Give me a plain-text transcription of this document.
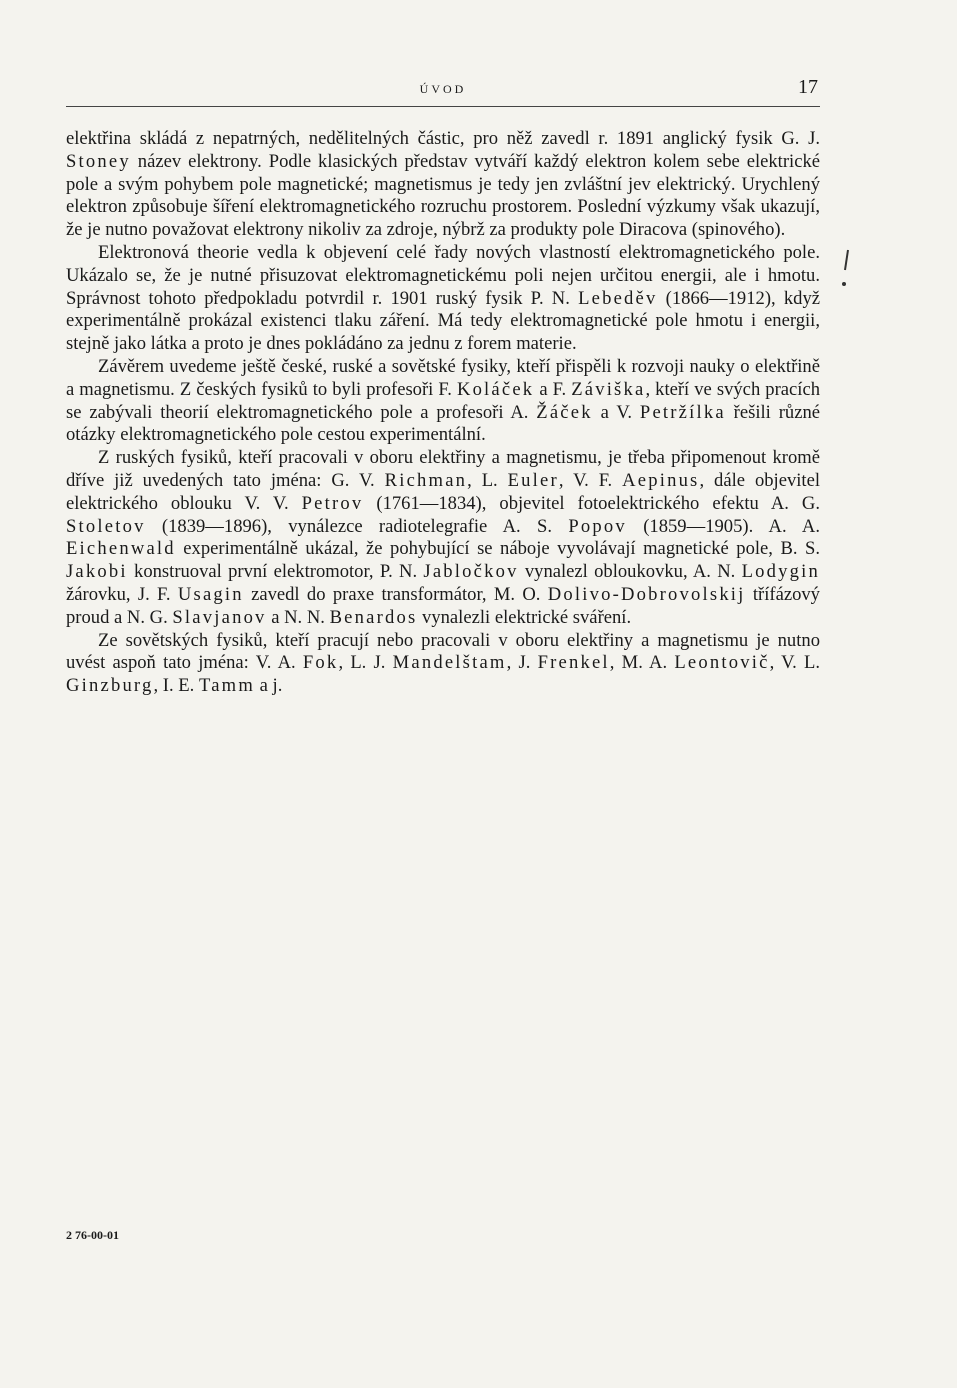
ÚVOD	17

elektřina skládá z nepatrných, nedělitelných částic, pro něž zavedl r. 1891 anglický fysik G. J. Stoney název elektrony. Podle klasických představ vytváří každý elektron kolem sebe elektrické pole a svým pohybem pole magnetické; magnetismus je tedy jen zvláštní jev elektrický. Urychlený elektron způsobuje šíření elektromagnetického rozruchu prostorem. Poslední výzkumy však ukazují, že je nutno považovat elektrony nikoliv za zdroje, nýbrž za produkty pole Diracova (spinového).

Elektronová theorie vedla k objevení celé řady nových vlastností elektromagnetického pole. Ukázalo se, že je nutné přisuzovat elektromagnetickému poli nejen určitou energii, ale i hmotu. Správnost tohoto předpokladu potvrdil r. 1901 ruský fysik P. N. Lebeděv (1866—1912), když experimentálně prokázal existenci tlaku záření. Má tedy elektromagnetické pole hmotu i energii, stejně jako látka a proto je dnes pokládáno za jednu z forem materie.

Závěrem uvedeme ještě české, ruské a sovětské fysiky, kteří přispěli k rozvoji nauky o elektřině a magnetismu. Z českých fysiků to byli profesoři F. Koláček a F. Záviška, kteří ve svých pracích se zabývali theorií elektromagnetického pole a profesoři A. Žáček a V. Petržílka řešili různé otázky elektromagnetického pole cestou experimentální.

Z ruských fysiků, kteří pracovali v oboru elektřiny a magnetismu, je třeba připomenout kromě dříve již uvedených tato jména: G. V. Richman, L. Euler, V. F. Aepinus, dále objevitel elektrického oblouku V. V. Petrov (1761—1834), objevitel fotoelektrického efektu A. G. Stoletov (1839—1896), vynálezce radiotelegrafie A. S. Popov (1859—1905). A. A. Eichenwald experimentálně ukázal, že pohybující se náboje vyvolávají magnetické pole, B. S. Jakobi konstruoval první elektromotor, P. N. Jabločkov vynalezl obloukovku, A. N. Lodygin žárovku, J. F. Usagin zavedl do praxe transformátor, M. O. Dolivo-Dobrovolskij třífázový proud a N. G. Slavjanov a N. N. Benardos vynalezli elektrické sváření.

Ze sovětských fysiků, kteří pracují nebo pracovali v oboru elektřiny a magnetismu je nutno uvést aspoň tato jména: V. A. Fok, L. J. Mandelštam, J. Frenkel, M. A. Leontovič, V. L. Ginzburg, I. E. Tamm a j.

2 76-00-01
